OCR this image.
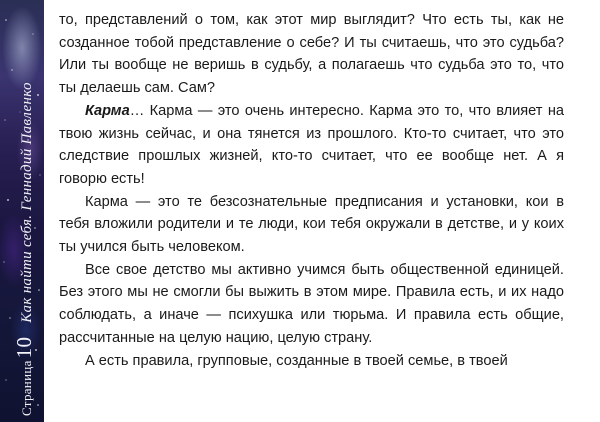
Страница
10
Как найти себя. Геннадий Павленко

то, представлений о том, как этот мир выглядит? Что есть ты, как не созданное тобой представление о себе? И ты считаешь, что это судьба? Или ты вообще не веришь в судьбу, а полагаешь что судьба это то, что ты делаешь сам. Сам?

Карма… Карма — это очень интересно. Карма это то, что влияет на твою жизнь сейчас, и она тянется из прошлого. Кто-то считает, что это следствие прошлых жизней, кто-то считает, что ее вообще нет. А я говорю есть!

Карма — это те безсознательные предписания и установки, кои в тебя вложили родители и те люди, кои тебя окружали в детстве, и у коих ты учился быть человеком.

Все свое детство мы активно учимся быть общественной единицей. Без этого мы не смогли бы выжить в этом мире. Правила есть, и их надо соблюдать, а иначе — психушка или тюрьма. И правила есть общие, рассчитанные на целую нацию, целую страну.

А есть правила, групповые, созданные в твоей семье, в твоей
